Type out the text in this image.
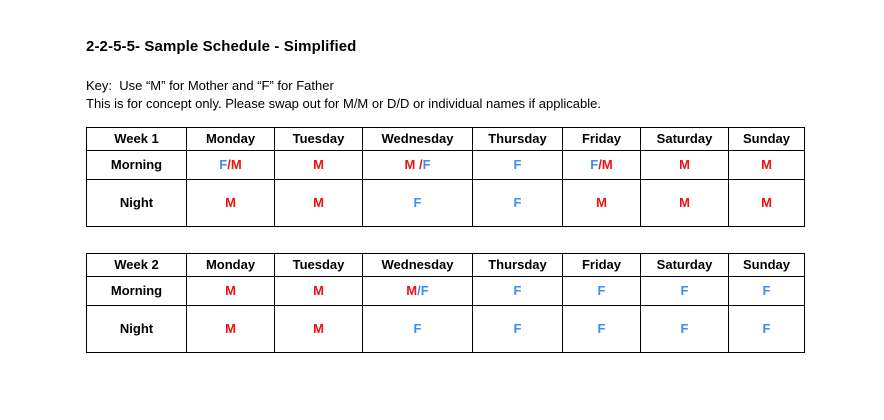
2-2-5-5- Sample Schedule - Simplified
Key:  Use “M” for Mother and “F” for Father
This is for concept only. Please swap out for M/M or D/D or individual names if applicable.
Week 1	Monday	Tuesday	Wednesday	Thursday	Friday	Saturday	Sunday
Morning	F/M	M	M /F	F	F/M	M	M
Night	M	M	F	F	M	M	M
Week 2	Monday	Tuesday	Wednesday	Thursday	Friday	Saturday	Sunday
Morning	M	M	M/F	F	F	F	F
Night	M	M	F	F	F	F	F
